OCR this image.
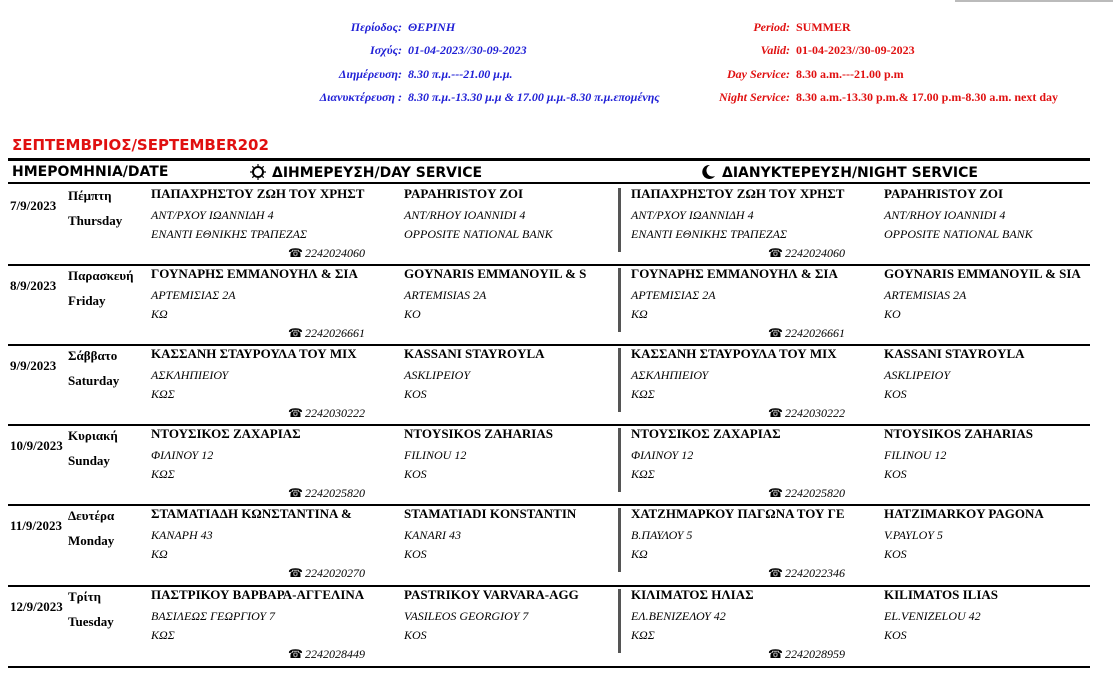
Περίοδος: ΘΕΡΙΝΗ
Ισχύς: 01-04-2023//30-09-2023
Διημέρευση: 8.30 π.μ.---21.00 μ.μ.
Διανυκτέρευση : 8.30 π.μ.-13.30 μ.μ & 17.00 μ.μ.-8.30 π.μ.επομένης
Period: SUMMER
Valid: 01-04-2023//30-09-2023
Day Service: 8.30 a.m.---21.00 p.m
Night Service: 8.30 a.m.-13.30 p.m.& 17.00 p.m-8.30 a.m. next day
ΣΕΠΤΕΜΒΡΙΟΣ/SEPTEMBER202
ΗΜΕΡΟΜΗΝΙΑ/DATE	ΔΙΗΜΕΡΕΥΣΗ/DAY SERVICE	ΔΙΑΝΥΚΤΕΡΕΥΣΗ/NIGHT SERVICE
7/9/2023
Πέμπτη
Thursday
ΠΑΠΑΧΡΗΣΤΟΥ ΖΩΗ ΤΟΥ ΧΡΗΣΤ	PAPAHRISTOY ZOI
ΑΝΤ/ΡΧΟΥ ΙΩΑΝΝΙΔΗ 4	ANT/RHOY IOANNIDI 4
ΕΝΑΝΤΙ ΕΘΝΙΚΗΣ ΤΡΑΠΕΖΑΣ	OPPOSITE NATIONAL BANK
☎ 2242024060
ΠΑΠΑΧΡΗΣΤΟΥ ΖΩΗ ΤΟΥ ΧΡΗΣΤ	PAPAHRISTOY ZOI
ΑΝΤ/ΡΧΟΥ ΙΩΑΝΝΙΔΗ 4	ANT/RHOY IOANNIDI 4
ΕΝΑΝΤΙ ΕΘΝΙΚΗΣ ΤΡΑΠΕΖΑΣ	OPPOSITE NATIONAL BANK
☎ 2242024060
8/9/2023
Παρασκευή
Friday
ΓΟΥΝΑΡΗΣ ΕΜΜΑΝΟΥΗΛ & ΣΙΑ	GOYNARIS EMMANOYIL & S
ΑΡΤΕΜΙΣΙΑΣ 2Α	ARTEMISIAS 2A
ΚΩ	KO
☎ 2242026661
ΓΟΥΝΑΡΗΣ ΕΜΜΑΝΟΥΗΛ & ΣΙΑ	GOYNARIS EMMANOYIL & SIA
ΑΡΤΕΜΙΣΙΑΣ 2Α	ARTEMISIAS 2A
ΚΩ	KO
☎ 2242026661
9/9/2023
Σάββατο
Saturday
ΚΑΣΣΑΝΗ ΣΤΑΥΡΟΥΛΑ ΤΟΥ ΜΙΧ	KASSANI STAYROYLA
ΑΣΚΛΗΠΙΕΙΟΥ	ASKLIPEIOY
ΚΩΣ	KOS
☎ 2242030222
ΚΑΣΣΑΝΗ ΣΤΑΥΡΟΥΛΑ ΤΟΥ ΜΙΧ	KASSANI STAYROYLA
ΑΣΚΛΗΠΙΕΙΟΥ	ASKLIPEIOY
ΚΩΣ	KOS
☎ 2242030222
10/9/2023
Κυριακή
Sunday
ΝΤΟΥΣΙΚΟΣ ΖΑΧΑΡΙΑΣ	NTOYSIKOS ZAHARIAS
ΦΙΛΙΝΟΥ 12	FILINOU 12
ΚΩΣ	KOS
☎ 2242025820
ΝΤΟΥΣΙΚΟΣ ΖΑΧΑΡΙΑΣ	NTOYSIKOS ZAHARIAS
ΦΙΛΙΝΟΥ 12	FILINOU 12
ΚΩΣ	KOS
☎ 2242025820
11/9/2023
Δευτέρα
Monday
ΣΤΑΜΑΤΙΑΔΗ ΚΩΝΣΤΑΝΤΙΝΑ &	STAMATIADI KONSTANTIN
ΚΑΝΑΡΗ 43	KANARI 43
ΚΩ	KOS
☎ 2242020270
ΧΑΤΖΗΜΑΡΚΟΥ ΠΑΓΩΝΑ ΤΟΥ ΓΕ	HATZIMARKOY PAGONA
Β.ΠΑΥΛΟΥ 5	V.PAYLOY 5
ΚΩ	KOS
☎ 2242022346
12/9/2023
Τρίτη
Tuesday
ΠΑΣΤΡΙΚΟΥ ΒΑΡΒΑΡΑ-ΑΓΓΕΛΙΝΑ	PASTRIKOY VARVARA-AGG
ΒΑΣΙΛΕΩΣ ΓΕΩΡΓΙΟΥ 7	VASILEOS GEORGIOY 7
ΚΩΣ	KOS
☎ 2242028449
ΚΙΛΙΜΑΤΟΣ ΗΛΙΑΣ	KILIMATOS ILIAS
ΕΛ.ΒΕΝΙΖΕΛΟΥ 42	EL.VENIZELOU 42
ΚΩΣ	KOS
☎ 2242028959
